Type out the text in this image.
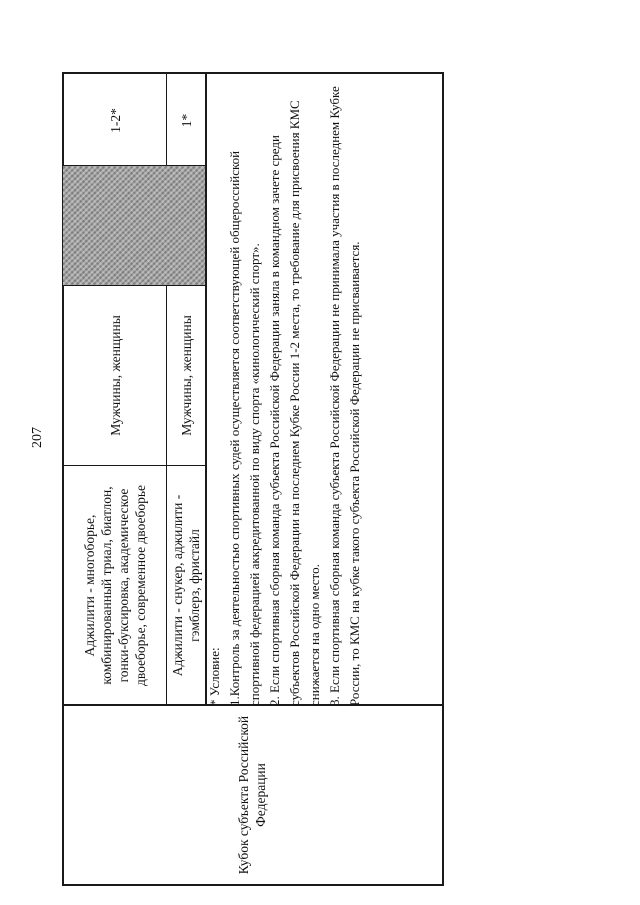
207
Кубок субъекта Российской Федерации
Аджилити - многоборье, комбинированный триал, биатлон, гонки-буксировка, академическое двоеборье, современное двоеборье
Мужчины, женщины
1-2*
Аджилити - снукер, аджилити - гэмблерз, фристайл
Мужчины, женщины
1*

* Условие: 1.Контроль за деятельностью спортивных судей осуществляется соответствующей общероссийской спортивной федерацией аккредитованной по виду спорта «кинологический спорт». 2. Если спортивная сборная команда субъекта Российской Федерации заняла в командном зачете среди субъектов Российской Федерации на последнем Кубке России 1-2 места, то требование для присвоения КМС снижается на одно место. 3. Если спортивная сборная команда субъекта Российской Федерации не принимала участия в последнем Кубке России, то КМС на кубке такого субъекта Российской Федерации не присваивается.
